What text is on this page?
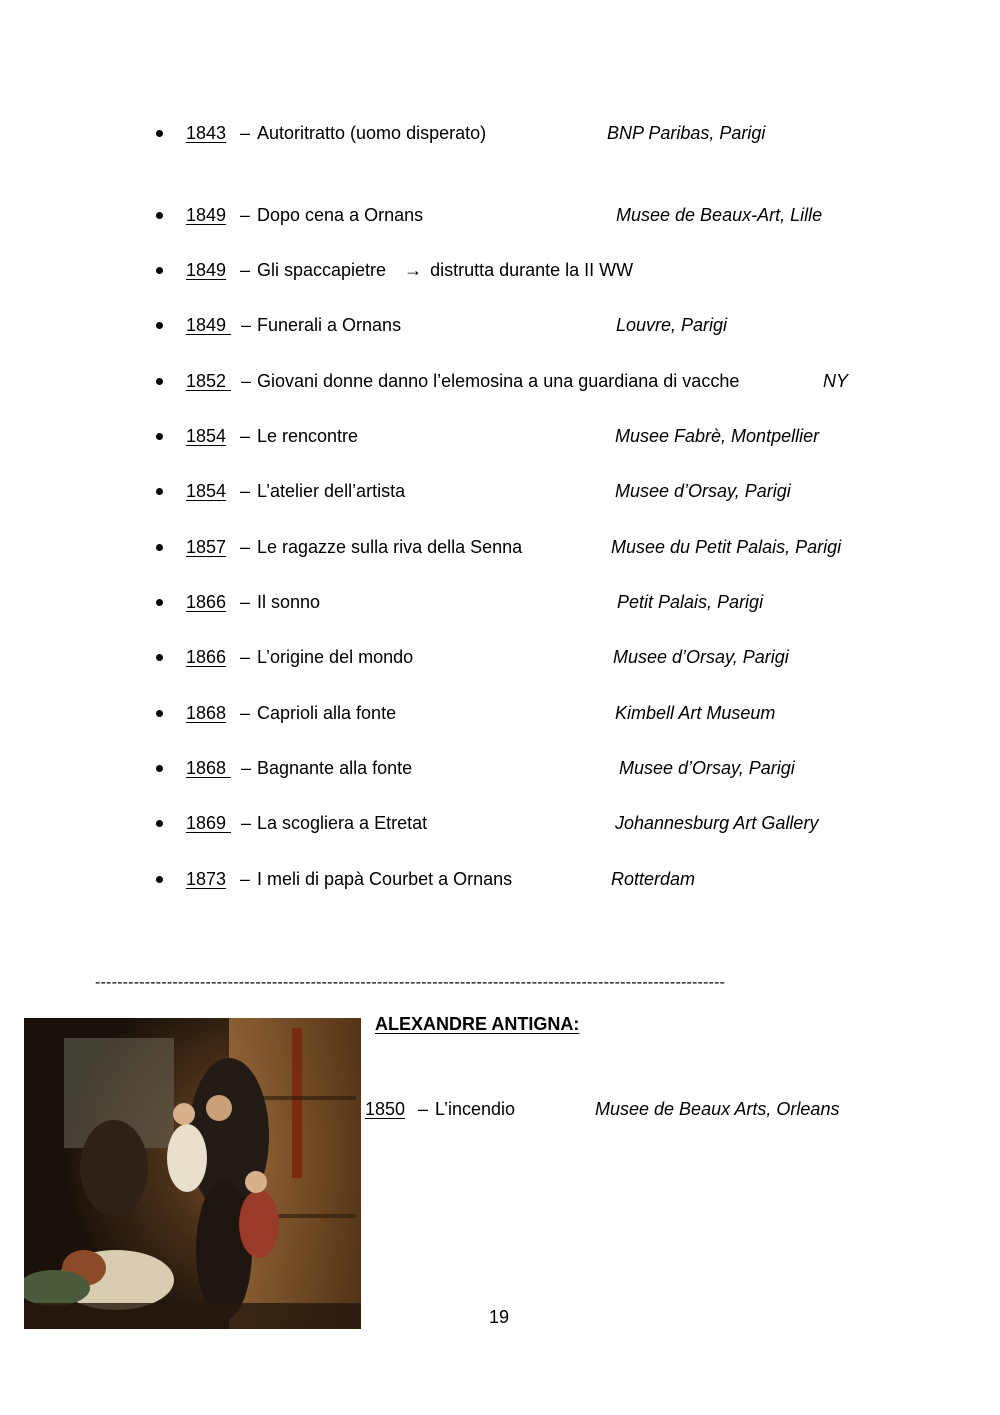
1843 – Autoritratto (uomo disperato)	BNP Paribas, Parigi
1849 – Dopo cena a Ornans	Musee de Beaux-Art, Lille
1849 – Gli spaccapietre → distrutta durante la II WW
1849 – Funerali a Ornans	Louvre, Parigi
1852 – Giovani donne danno l’elemosina a una guardiana di vacche	NY
1854 – Le rencontre	Musee Fabrè, Montpellier
1854 – L’atelier dell’artista	Musee d’Orsay, Parigi
1857 – Le ragazze sulla riva della Senna	Musee du Petit Palais, Parigi
1866 – Il sonno	Petit Palais, Parigi
1866 – L’origine del mondo	Musee d’Orsay, Parigi
1868 – Caprioli alla fonte	Kimbell Art Museum
1868 – Bagnante alla fonte	Musee d’Orsay, Parigi
1869 – La scogliera a Etretat	Johannesburg Art Gallery
1873 – I meli di papà Courbet a Ornans	Rotterdam
------------------------------------------------------------------------------------------------------------------
ALEXANDRE ANTIGNA:
1850 – L’incendio	Musee de Beaux Arts, Orleans
19
